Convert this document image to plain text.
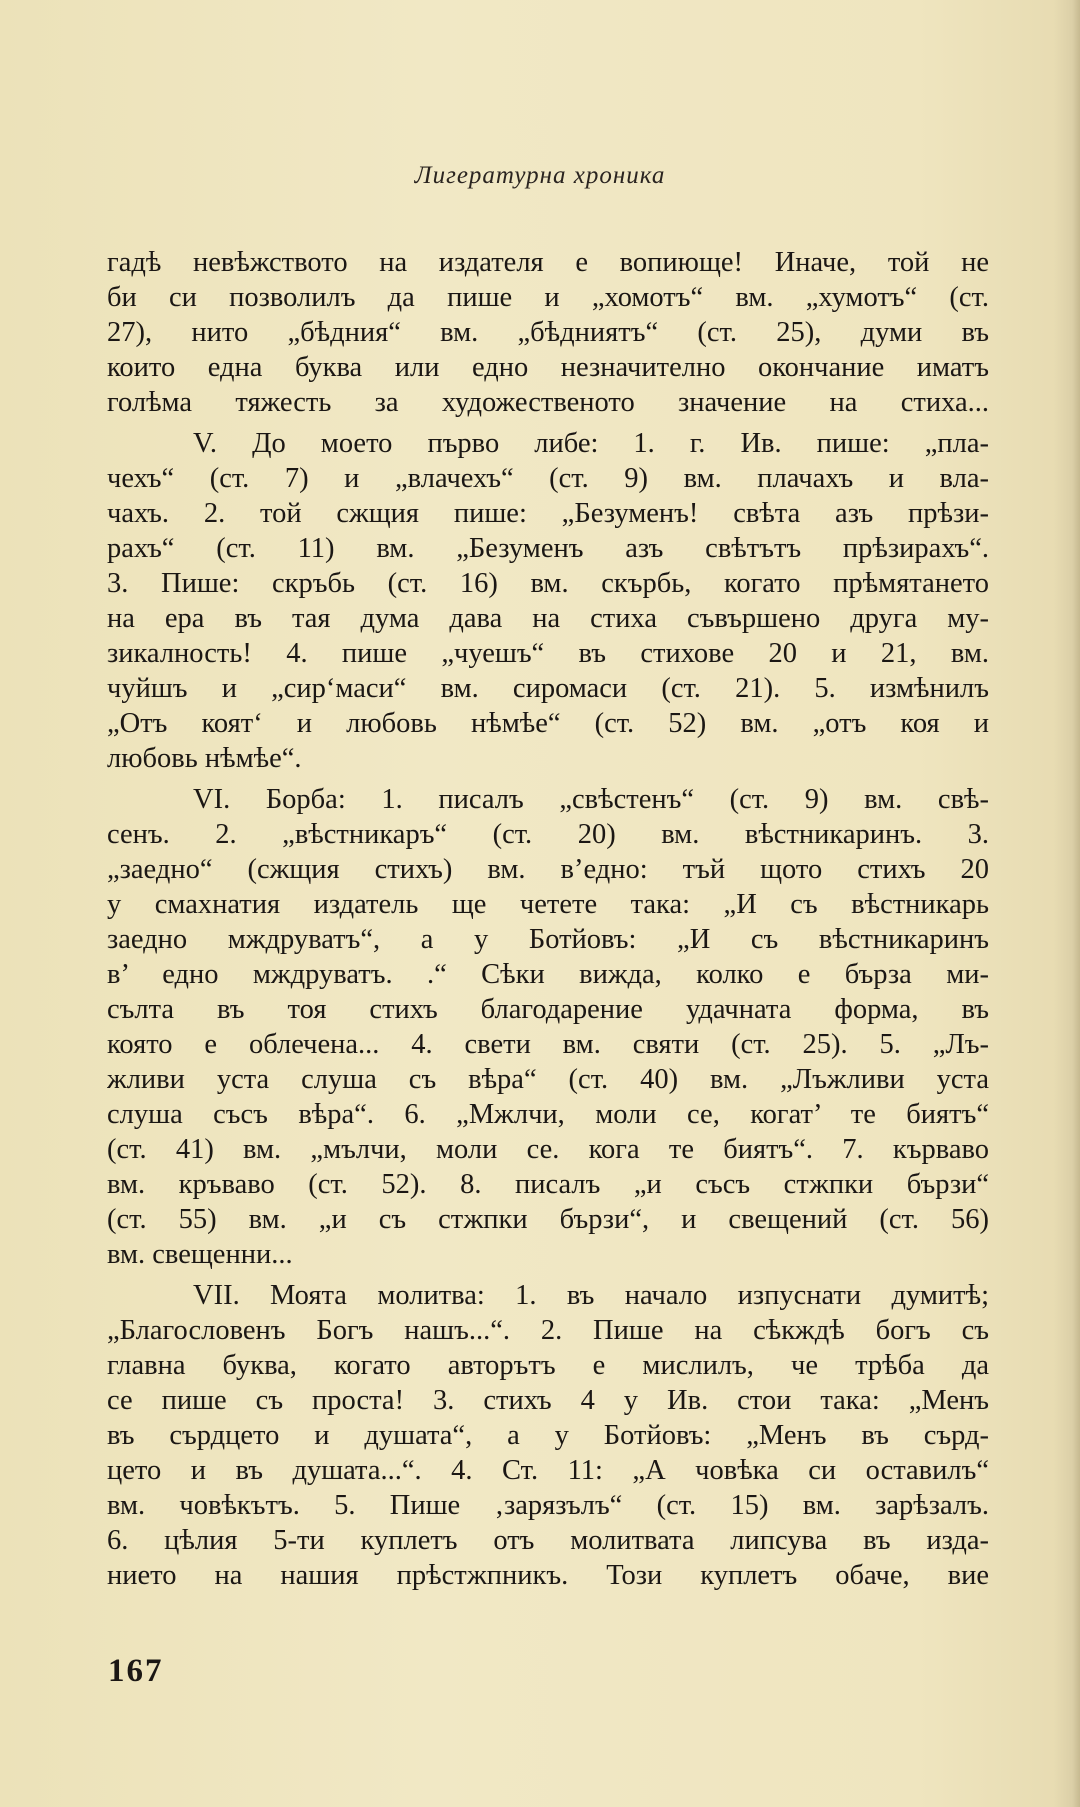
Лигературна хроника
гадѣ невѣжството на издателя е вопиюще! Иначе, той не
би си позволилъ да пише и „хомотъ“ вм. „хумотъ“ (ст.
27), нито „бѣдния“ вм. „бѣдниятъ“ (ст. 25), думи въ
които една буква или едно незначително окончание иматъ
голѣма тяжесть за художественото значение на стиха...
V. До моето първо либе: 1. г. Ив. пише: „пла-
чехъ“ (ст. 7) и „влачехъ“ (ст. 9) вм. плачахъ и вла-
чахъ. 2. той сжщия пише: „Безуменъ! свѣта азъ прѣзи-
рахъ“ (ст. 11) вм. „Безуменъ азъ свѣтътъ прѣзирахъ“.
3. Пише: скръбь (ст. 16) вм. скърбь, когато прѣмятането
на ера въ тая дума дава на стиха съвършено друга му-
зикалность! 4. пише „чуешъ“ въ стихове 20 и 21, вм.
чуйшъ и „сир‘маси“ вм. сиромаси (ст. 21). 5. измѣнилъ
„Отъ коят‘ и любовь нѣмѣе“ (ст. 52) вм. „отъ коя и
любовь нѣмѣе“.
VI. Борба: 1. писалъ „свѣстенъ“ (ст. 9) вм. свѣ-
сенъ. 2. „вѣстникаръ“ (ст. 20) вм. вѣстникаринъ. 3.
„заедно“ (сжщия стихъ) вм. в’едно: тъй щото стихъ 20
у смахнатия издатель ще четете така: „И съ вѣстникарь
заедно мждруватъ“, а у Ботйовъ: „И съ вѣстникаринъ
в’ едно мждруватъ. .“ Сѣки вижда, колко е бърза ми-
сълта въ тоя стихъ благодарение удачната форма, въ
която е облечена... 4. свети вм. святи (ст. 25). 5. „Лъ-
жливи уста слуша съ вѣра“ (ст. 40) вм. „Лъжливи уста
слуша съсъ вѣра“. 6. „Мжлчи, моли се, когат’ те биятъ“
(ст. 41) вм. „мълчи, моли се. кога те биятъ“. 7. кърваво
вм. кръваво (ст. 52). 8. писалъ „и съсъ стжпки бързи“
(ст. 55) вм. „и съ стжпки бързи“, и свещений (ст. 56)
вм. свещенни...
VII. Моята молитва: 1. въ начало изпуснати думитѣ;
„Благословенъ Богъ нашъ...“. 2. Пише на сѣкждѣ богъ съ
главна буква, когато авторътъ е мислилъ, че трѣба да
се пише съ проста! 3. стихъ 4 у Ив. стои така: „Менъ
въ сърдцето и душата“, а у Ботйовъ: „Менъ въ сърд-
цето и въ душата...“. 4. Ст. 11: „А човѣка си оставилъ“
вм. човѣкътъ. 5. Пише ‚зарязълъ“ (ст. 15) вм. зарѣзалъ.
6. цѣлия 5-ти куплетъ отъ молитвата липсува въ изда-
нието на нашия прѣстжпникъ. Този куплетъ обаче, вие
167
